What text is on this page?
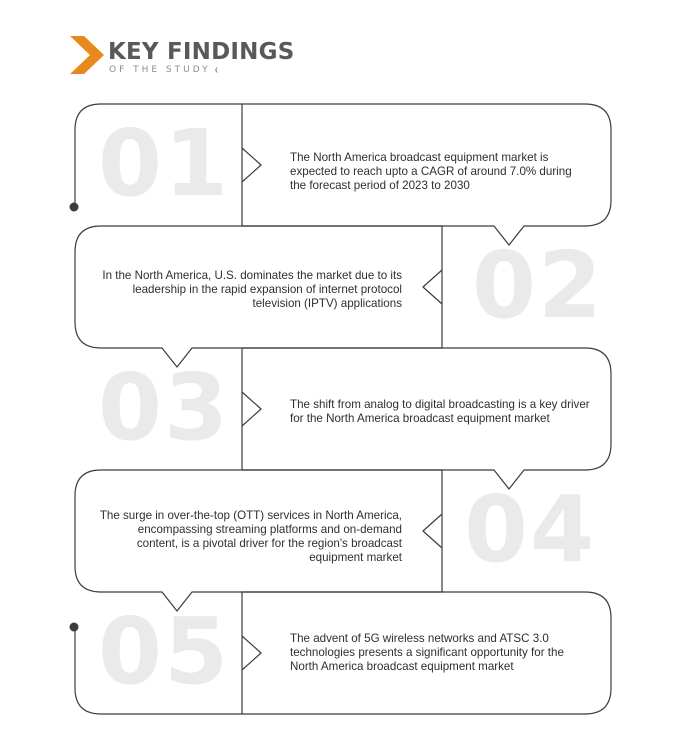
KEY FINDINGS

OF THE STUDY

01	The North America broadcast equipment market is expected to reach upto a CAGR of around 7.0% during the forecast period of 2023 to 2030

02

In the North America, U.S. dominates the market due to its leadership in the rapid expansion of internet protocol television (IPTV) applications

03	The shift from analog to digital broadcasting is a key driver for the North America broadcast equipment market

04

The surge in over-the-top (OTT) services in North America, encompassing streaming platforms and on-demand content, is a pivotal driver for the region's broadcast equipment market

05	The advent of 5G wireless networks and ATSC 3.0 technologies presents a significant opportunity for the North America broadcast equipment market
